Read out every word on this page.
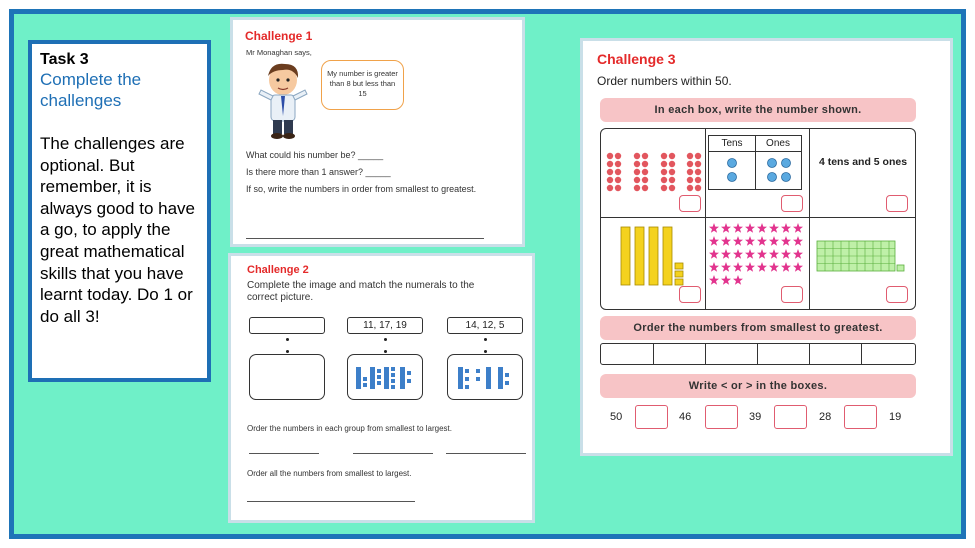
Task 3
Complete the challenges
The challenges are optional. But remember, it is always good to have a go, to apply the great mathematical skills that you have learnt today. Do 1 or do all 3!
Challenge 1
Mr Monaghan says,
My number is greater than 8 but less than 15
What could his number be? _____
Is there more than 1 answer? _____
If so, write the numbers in order from smallest to greatest.
Challenge 2
Complete the image and match the numerals to the correct picture.
11, 17, 19	14, 12, 5
Order the numbers in each group from smallest to largest.
Order all the numbers from smallest to largest.
Challenge 3
Order numbers within 50.
In each box, write the number shown.
Tens	Ones
4 tens and 5 ones
Order the numbers from smallest to greatest.
Write < or > in the boxes.
50	46	39	28	19
